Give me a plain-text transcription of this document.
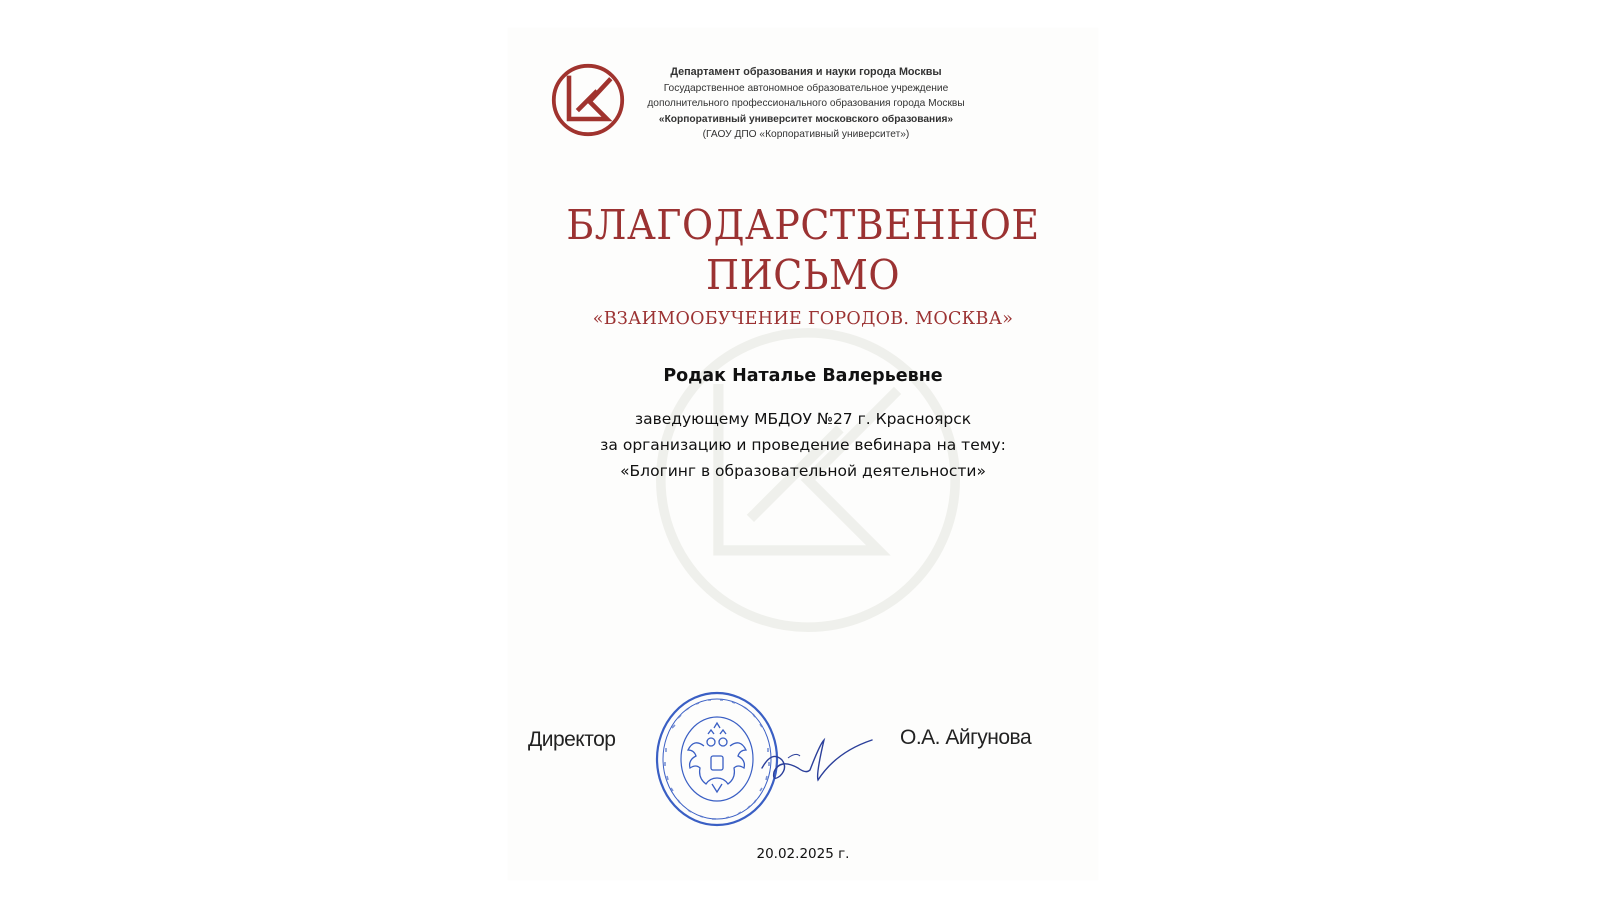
Департамент образования и науки города Москвы
Государственное автономное образовательное учреждение
дополнительного профессионального образования города Москвы
«Корпоративный университет московского образования»
(ГАОУ ДПО «Корпоративный университет»)
БЛАГОДАРСТВЕННОЕ
ПИСЬМО
«ВЗАИМООБУЧЕНИЕ ГОРОДОВ. МОСКВА»
Родак Наталье Валерьевне
заведующему МБДОУ №27 г. Красноярск
за организацию и проведение вебинара на тему:
«Блогинг в образовательной деятельности»
Директор	О.А. Айгунова
20.02.2025 г.
